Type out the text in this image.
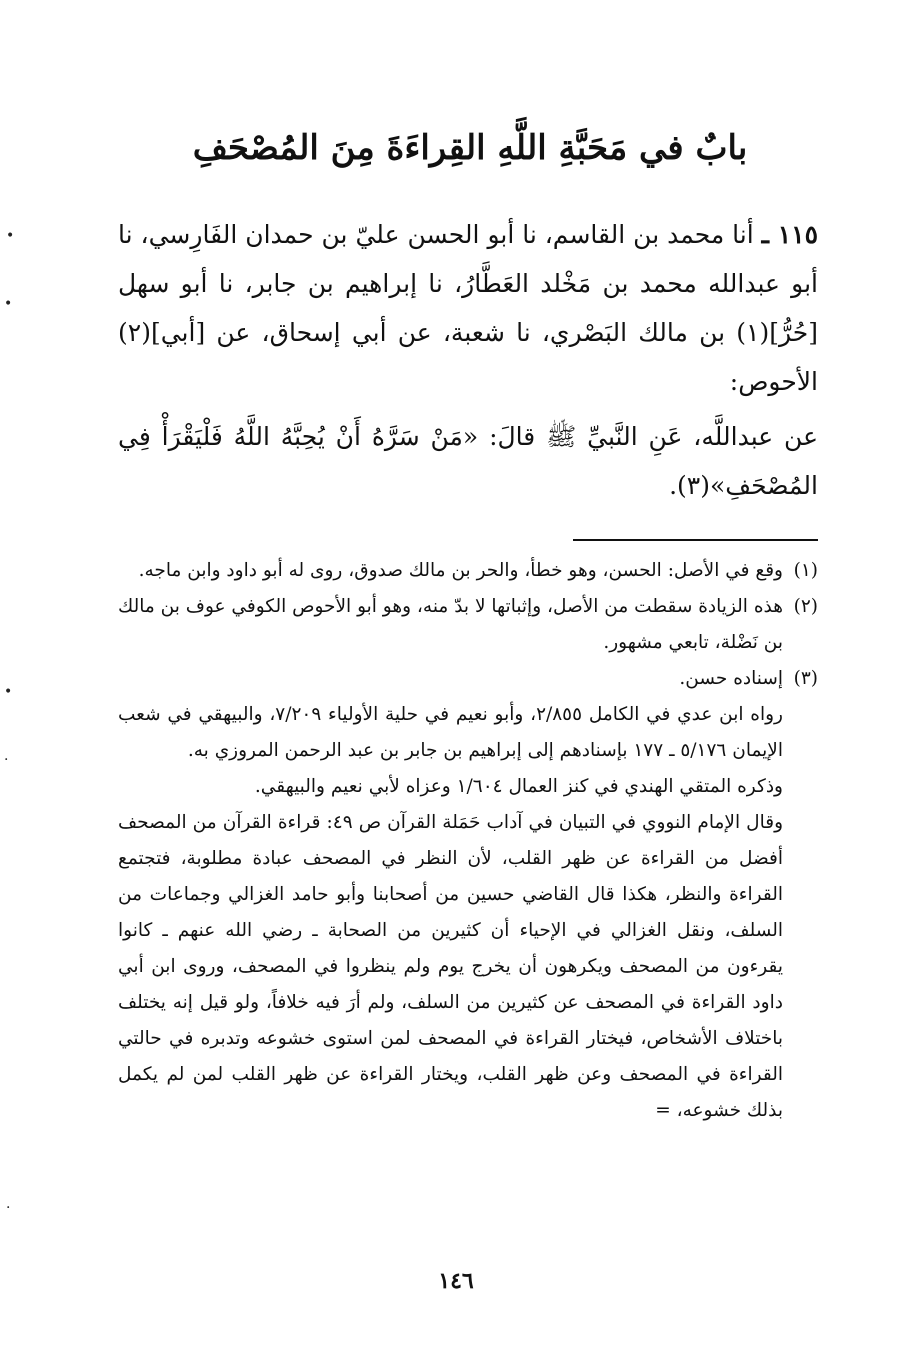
بابٌ في مَحَبَّةِ اللَّهِ القِراءَةَ مِنَ المُصْحَفِ

١١٥ ـ أنا محمد بن القاسم، نا أبو الحسن عليّ بن حمدان الفَارِسي، نا أبو عبدالله محمد بن مَخْلد العَطَّارُ، نا إبراهيم بن جابر، نا أبو سهل [حُرُّ](١) بن مالك البَصْري، نا شعبة، عن أبي إسحاق، عن [أبي](٢) الأحوص:

عن عبداللَّه، عَنِ النَّبيِّ ﷺ قالَ: «مَنْ سَرَّهُ أَنْ يُحِبَّهُ اللَّهُ فَلْيَقْرَأْ فِي المُصْحَفِ»(٣).

(١)

وقع في الأصل: الحسن، وهو خطأ، والحر بن مالك صدوق، روى له أبو داود وابن ماجه.

(٢)

هذه الزيادة سقطت من الأصل، وإثباتها لا بدّ منه، وهو أبو الأحوص الكوفي عوف بن مالك بن نَضْلة، تابعي مشهور.

(٣)

إسناده حسن.

رواه ابن عدي في الكامل ٢/٨٥٥، وأبو نعيم في حلية الأولياء ٧/٢٠٩، والبيهقي في شعب الإيمان ٥/١٧٦ ـ ١٧٧ بإسنادهم إلى إبراهيم بن جابر بن عبد الرحمن المروزي به.

وذكره المتقي الهندي في كنز العمال ١/٦٠٤ وعزاه لأبي نعيم والبيهقي.

وقال الإمام النووي في التبيان في آداب حَمَلة القرآن ص ٤٩: قراءة القرآن من المصحف أفضل من القراءة عن ظهر القلب، لأن النظر في المصحف عبادة مطلوبة، فتجتمع القراءة والنظر، هكذا قال القاضي حسين من أصحابنا وأبو حامد الغزالي وجماعات من السلف، ونقل الغزالي في الإحياء أن كثيرين من الصحابة ـ رضي الله عنهم ـ كانوا يقرءون من المصحف ويكرهون أن يخرج يوم ولم ينظروا في المصحف، وروى ابن أبي داود القراءة في المصحف عن كثيرين من السلف، ولم أرَ فيه خلافاً، ولو قيل إنه يختلف باختلاف الأشخاص، فيختار القراءة في المصحف لمن استوى خشوعه وتدبره في حالتي القراءة في المصحف وعن ظهر القلب، ويختار القراءة عن ظهر القلب لمن لم يكمل بذلك خشوعه، =

١٤٦
•
•
•
·
·
